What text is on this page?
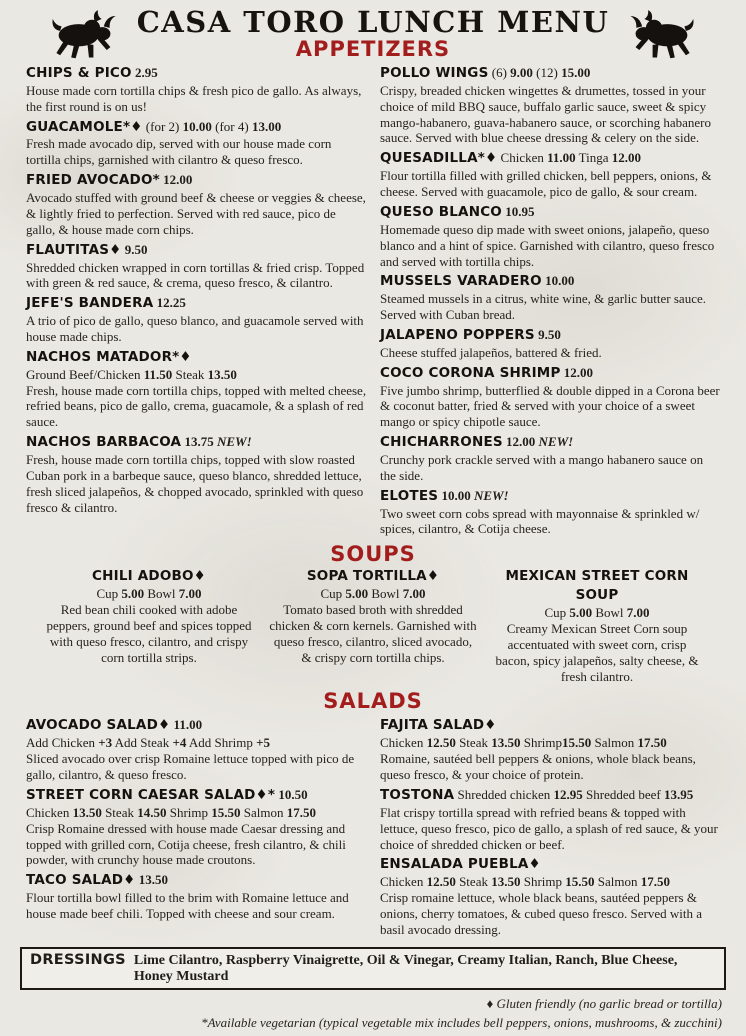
CASA TORO LUNCH MENU
APPETIZERS
CHIPS & PICO 2.95
House made corn tortilla chips & fresh pico de gallo. As always, the first round is on us!
GUACAMOLE*♦ (for 2) 10.00 (for 4) 13.00
Fresh made avocado dip, served with our house made corn tortilla chips, garnished with cilantro & queso fresco.
FRIED AVOCADO* 12.00
Avocado stuffed with ground beef & cheese or veggies & cheese, & lightly fried to perfection. Served with red sauce, pico de gallo, & house made corn chips.
FLAUTITAS♦ 9.50
Shredded chicken wrapped in corn tortillas & fried crisp. Topped with green & red sauce, & crema, queso fresco, & cilantro.
JEFE'S BANDERA 12.25
A trio of pico de gallo, queso blanco, and guacamole served with house made chips.
NACHOS MATADOR*♦
Ground Beef/Chicken 11.50 Steak 13.50
Fresh, house made corn tortilla chips, topped with melted cheese, refried beans, pico de gallo, crema, guacamole, & a splash of red sauce.
NACHOS BARBACOA 13.75 NEW!
Fresh, house made corn tortilla chips, topped with slow roasted Cuban pork in a barbeque sauce, queso blanco, shredded lettuce, fresh sliced jalapeños, & chopped avocado, sprinkled with queso fresco & cilantro.
POLLO WINGS (6) 9.00 (12) 15.00
Crispy, breaded chicken wingettes & drumettes, tossed in your choice of mild BBQ sauce, buffalo garlic sauce, sweet & spicy mango-habanero, guava-habanero sauce, or scorching habanero sauce. Served with blue cheese dressing & celery on the side.
QUESADILLA*♦ Chicken 11.00 Tinga 12.00
Flour tortilla filled with grilled chicken, bell peppers, onions, & cheese. Served with guacamole, pico de gallo, & sour cream.
QUESO BLANCO 10.95
Homemade queso dip made with sweet onions, jalapeño, queso blanco and a hint of spice. Garnished with cilantro, queso fresco and served with tortilla chips.
MUSSELS VARADERO 10.00
Steamed mussels in a citrus, white wine, & garlic butter sauce. Served with Cuban bread.
JALAPENO POPPERS 9.50
Cheese stuffed jalapeños, battered & fried.
COCO CORONA SHRIMP 12.00
Five jumbo shrimp, butterflied & double dipped in a Corona beer & coconut batter, fried & served with your choice of a sweet mango or spicy chipotle sauce.
CHICHARRONES 12.00 NEW!
Crunchy pork crackle served with a mango habanero sauce on the side.
ELOTES 10.00 NEW!
Two sweet corn cobs spread with mayonnaise & sprinkled w/ spices, cilantro, & Cotija cheese.
SOUPS
CHILI ADOBO♦
Cup 5.00 Bowl 7.00
Red bean chili cooked with adobe peppers, ground beef and spices topped with queso fresco, cilantro, and crispy corn tortilla strips.
SOPA TORTILLA♦
Cup 5.00 Bowl 7.00
Tomato based broth with shredded chicken & corn kernels. Garnished with queso fresco, cilantro, sliced avocado, & crispy corn tortilla chips.
MEXICAN STREET CORN SOUP
Cup 5.00 Bowl 7.00
Creamy Mexican Street Corn soup accentuated with sweet corn, crisp bacon, spicy jalapeños, salty cheese, & fresh cilantro.
SALADS
AVOCADO SALAD♦ 11.00
Add Chicken +3 Add Steak +4 Add Shrimp +5
Sliced avocado over crisp Romaine lettuce topped with pico de gallo, cilantro, & queso fresco.
STREET CORN CAESAR SALAD♦* 10.50
Chicken 13.50 Steak 14.50 Shrimp 15.50 Salmon 17.50
Crisp Romaine dressed with house made Caesar dressing and topped with grilled corn, Cotija cheese, fresh cilantro, & chili powder, with crunchy house made croutons.
TACO SALAD♦ 13.50
Flour tortilla bowl filled to the brim with Romaine lettuce and house made beef chili. Topped with cheese and sour cream.
FAJITA SALAD♦
Chicken 12.50 Steak 13.50 Shrimp15.50 Salmon 17.50
Romaine, sautéed bell peppers & onions, whole black beans, queso fresco, & your choice of protein.
TOSTONA Shredded chicken 12.95 Shredded beef 13.95
Flat crispy tortilla spread with refried beans & topped with lettuce, queso fresco, pico de gallo, a splash of red sauce, & your choice of shredded chicken or beef.
ENSALADA PUEBLA♦
Chicken 12.50 Steak 13.50 Shrimp 15.50 Salmon 17.50
Crisp romaine lettuce, whole black beans, sautéed peppers & onions, cherry tomatoes, & cubed queso fresco. Served with a basil avocado dressing.
DRESSINGS Lime Cilantro, Raspberry Vinaigrette, Oil & Vinegar, Creamy Italian, Ranch, Blue Cheese, Honey Mustard
♦ Gluten friendly (no garlic bread or tortilla)
*Available vegetarian (typical vegetable mix includes bell peppers, onions, mushrooms, & zucchini)
